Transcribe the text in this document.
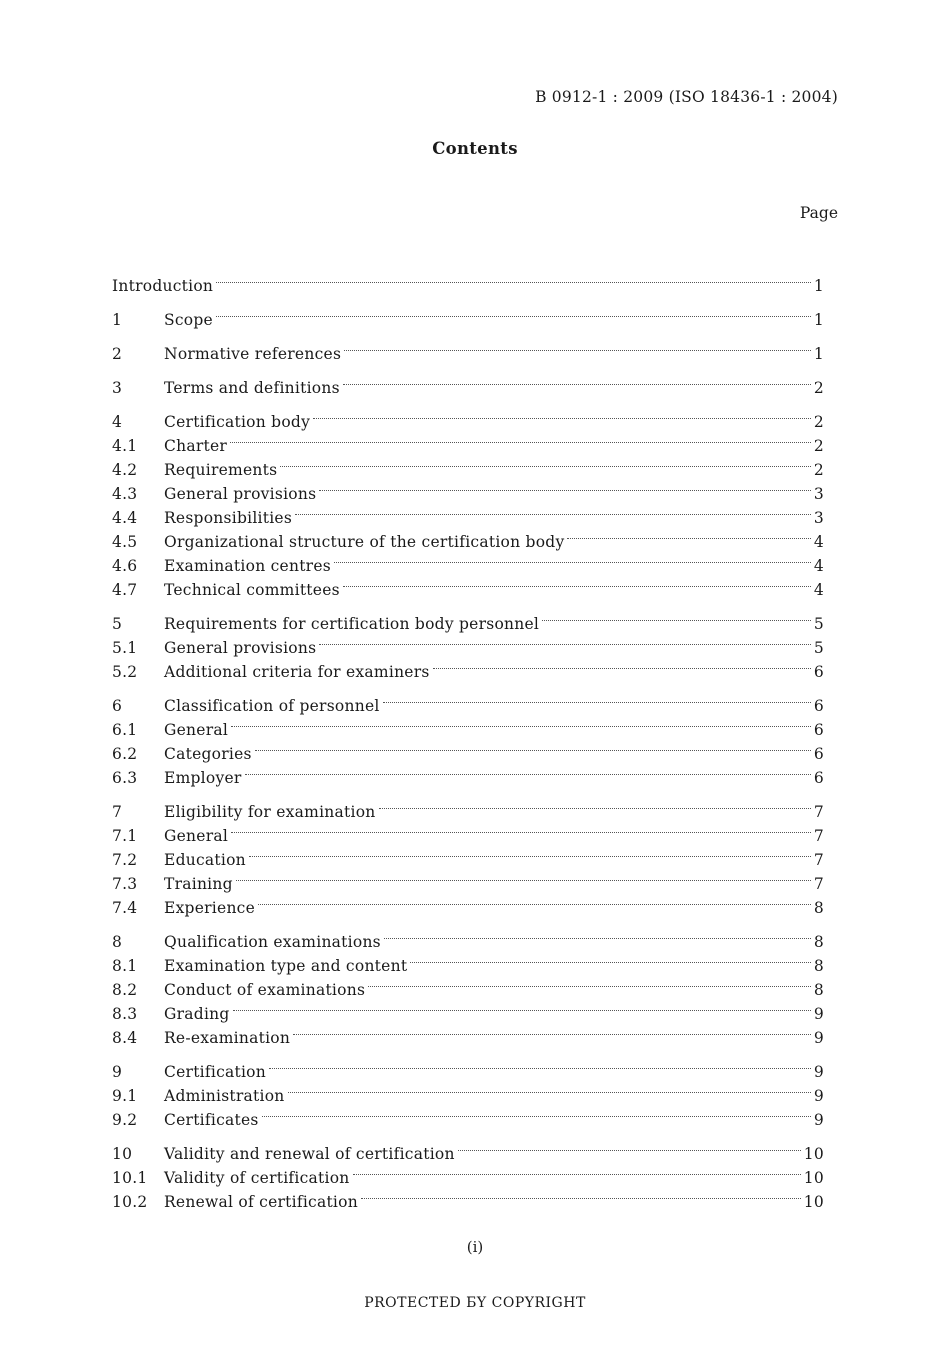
B 0912-1 : 2009 (ISO 18436-1 : 2004)
Contents
Page
Introduction	1
1	Scope	1
2	Normative references	1
3	Terms and definitions	2
4	Certification body	2
4.1	Charter	2
4.2	Requirements	2
4.3	General provisions	3
4.4	Responsibilities	3
4.5	Organizational structure of the certification body	4
4.6	Examination centres	4
4.7	Technical committees	4
5	Requirements for certification body personnel	5
5.1	General provisions	5
5.2	Additional criteria for examiners	6
6	Classification of personnel	6
6.1	General	6
6.2	Categories	6
6.3	Employer	6
7	Eligibility for examination	7
7.1	General	7
7.2	Education	7
7.3	Training	7
7.4	Experience	8
8	Qualification examinations	8
8.1	Examination type and content	8
8.2	Conduct of examinations	8
8.3	Grading	9
8.4	Re-examination	9
9	Certification	9
9.1	Administration	9
9.2	Certificates	9
10	Validity and renewal of certification	10
10.1	Validity of certification	10
10.2	Renewal of certification	10
(i)
PROTECTED БY COPYRIGHT
